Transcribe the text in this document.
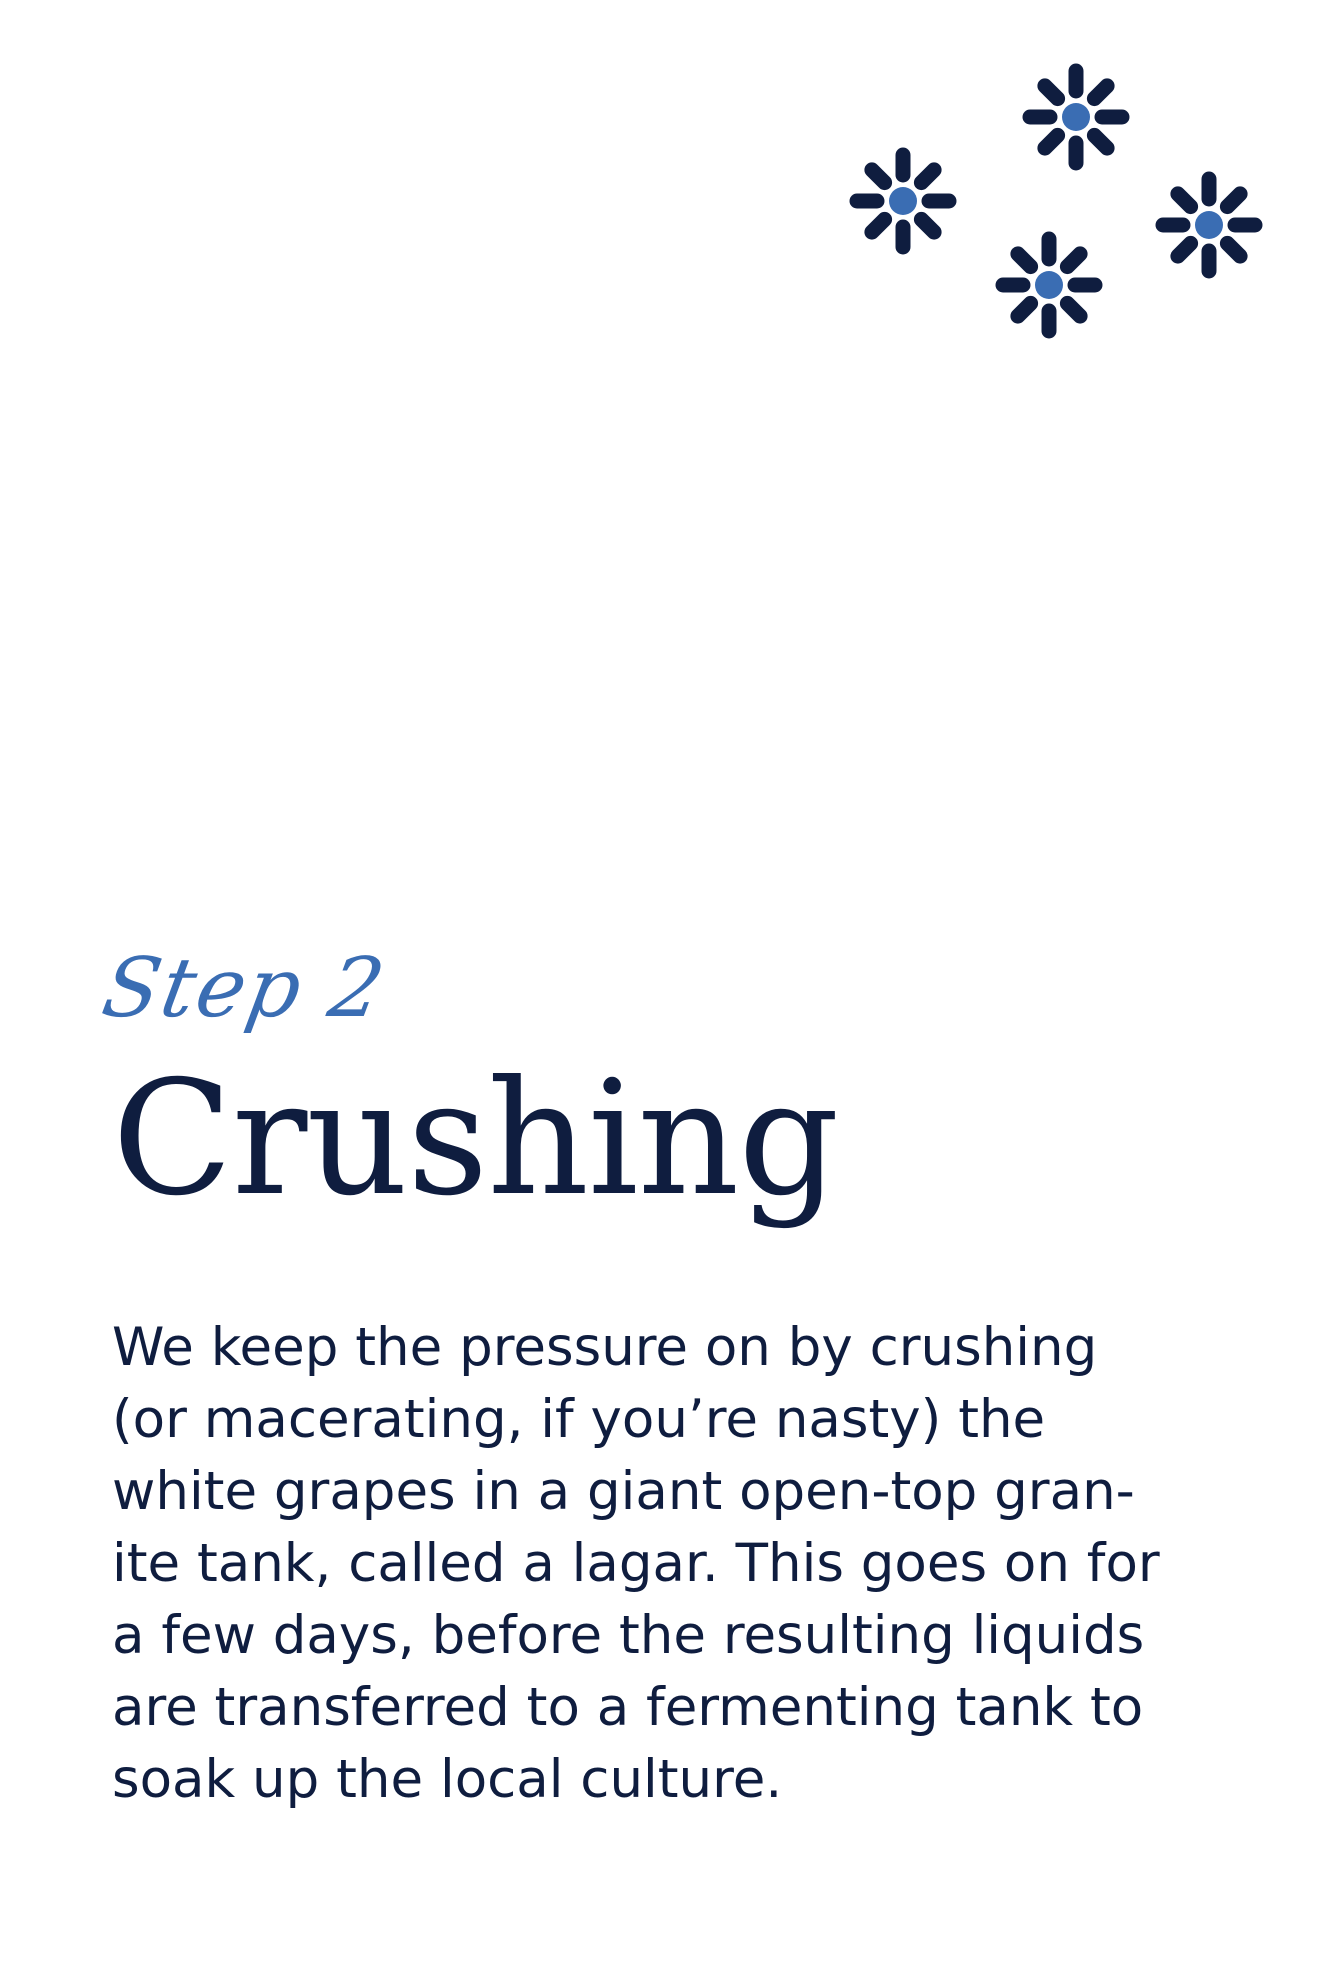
Step 2
Crushing

We keep the pressure on by crushing
(or macerating, if you’re nasty) the
white grapes in a giant open-top gran-
ite tank, called a lagar. This goes on for
a few days, before the resulting liquids
are transferred to a fermenting tank to
soak up the local culture.
